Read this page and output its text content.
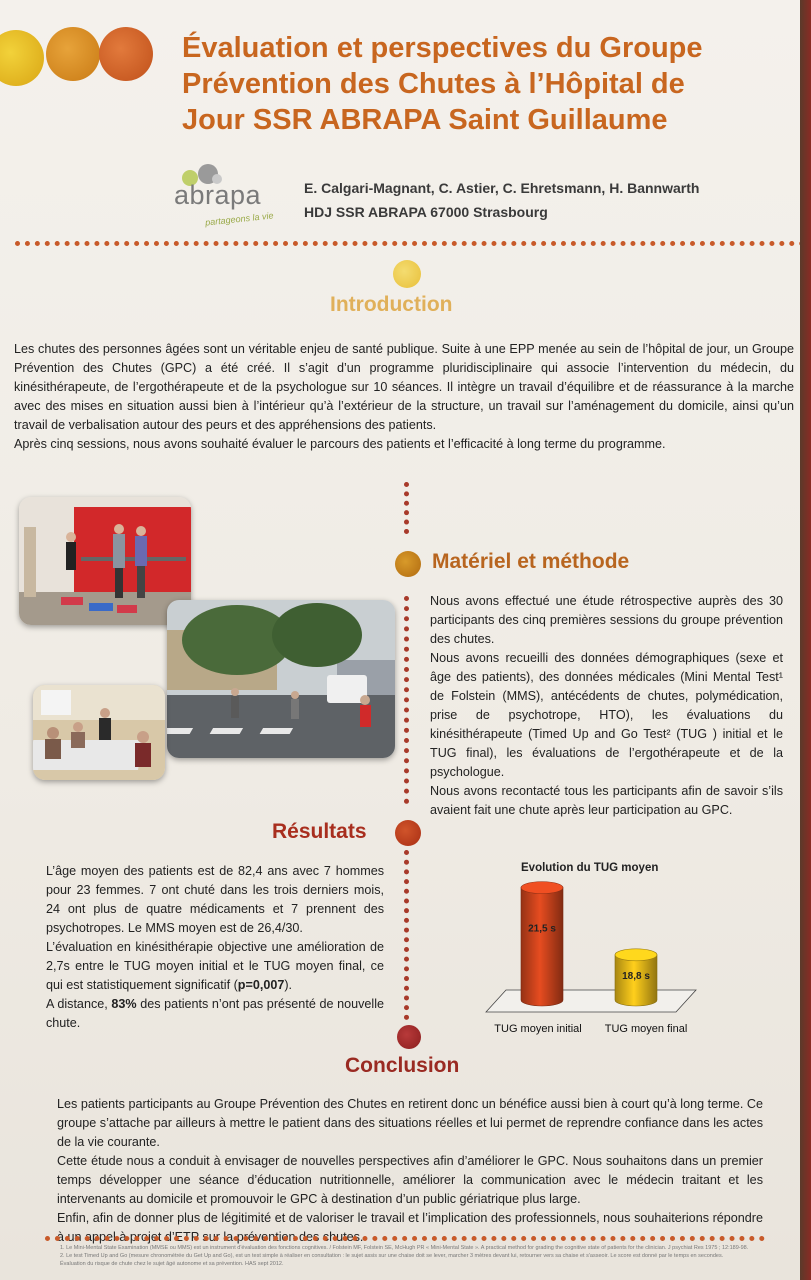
Évaluation et perspectives du Groupe
Prévention des Chutes à l’Hôpital de
Jour SSR ABRAPA Saint Guillaume
abrapa
partageons la vie
E. Calgari-Magnant, C. Astier, C. Ehretsmann, H. Bannwarth
HDJ SSR ABRAPA 67000 Strasbourg
Introduction

Les chutes des personnes âgées sont un véritable enjeu de santé publique. Suite à une EPP menée au sein de l’hôpital de jour, un Groupe Prévention des Chutes (GPC) a été créé. Il s’agit d’un programme pluridisciplinaire qui associe l’intervention du médecin, du kinésithérapeute, de l’ergothérapeute et de la psychologue sur 10 séances. Il intègre un travail d’équilibre et de réassurance à la marche avec des mises en situation aussi bien à l’intérieur qu’à l’extérieur de la structure, un travail sur l’aménagement du domicile, ainsi qu’un travail de verbalisation autour des peurs et des appréhensions des patients.

Après cinq sessions, nous avons souhaité évaluer le parcours des patients et l’efficacité à long terme du programme.

Matériel et méthode

Nous avons effectué une étude rétrospective auprès des 30 participants des cinq premières sessions du groupe prévention des chutes.

Nous avons recueilli des données démographiques (sexe et âge des patients), des données médicales (Mini Mental Test¹ de Folstein (MMS), antécédents de chutes, polymédication, prise de psychotrope, HTO), les évaluations du kinésithérapeute (Timed Up and Go Test² (TUG ) initial et le TUG final), les évaluations de l’ergothérapeute et de la psychologue.

Nous avons recontacté tous les participants afin de savoir s’ils avaient fait une chute après leur participation au GPC.

Résultats

L’âge moyen des patients est de 82,4 ans avec 7 hommes pour 23 femmes. 7 ont chuté dans les trois derniers mois, 24 ont plus de quatre médicaments et 7 prennent des psychotropes. Le MMS moyen est de 26,4/30.

L’évaluation en kinésithérapie objective une amélioration de 2,7s entre le TUG moyen initial et le TUG moyen final, ce qui est statistiquement significatif (p=0,007).

A distance, 83% des patients n’ont pas présenté de nouvelle chute.

Evolution du TUG moyen
21,5 s
TUG moyen initial
18,8 s
TUG moyen final
Conclusion

Les patients participants au Groupe Prévention des Chutes en retirent donc un bénéfice aussi bien à court qu’à long terme. Ce groupe s’attache par ailleurs à mettre le patient dans des situations réelles et lui permet de reprendre confiance dans les actes de la vie courante.

Cette étude nous a conduit à envisager de nouvelles perspectives afin d’améliorer le GPC. Nous souhaitons dans un premier temps développer une séance d’éducation nutritionnelle, améliorer la communication avec le médecin traitant et les intervenants au domicile et promouvoir le GPC à destination d’un public gériatrique plus large.

Enfin, afin de donner plus de légitimité et de valoriser le travail et l’implication des professionnels, nous souhaiterions répondre à un appel à projet d’ETP sur la prévention des chutes.

1. Le Mini-Mental State Examination (MMSE ou MMS) est un instrument d'évaluation des fonctions cognitives. / Folstein MF, Folstein SE, McHugh PR « Mini-Mental State ». A practical method for grading the cognitive state of patients for the clinician. J psychiat Res 1975 ; 12:189-98.
2. Le test Timed Up and Go (mesure chronométrée du Get Up and Go), est un test simple à réaliser en consultation : le sujet assis sur une chaise doit se lever, marcher 3 mètres devant lui, retourner vers sa chaise et s'asseoir. Le score est donné par le temps en secondes. Évaluation du risque de chute chez le sujet âgé autonome et sa prévention. HAS sept 2012.
